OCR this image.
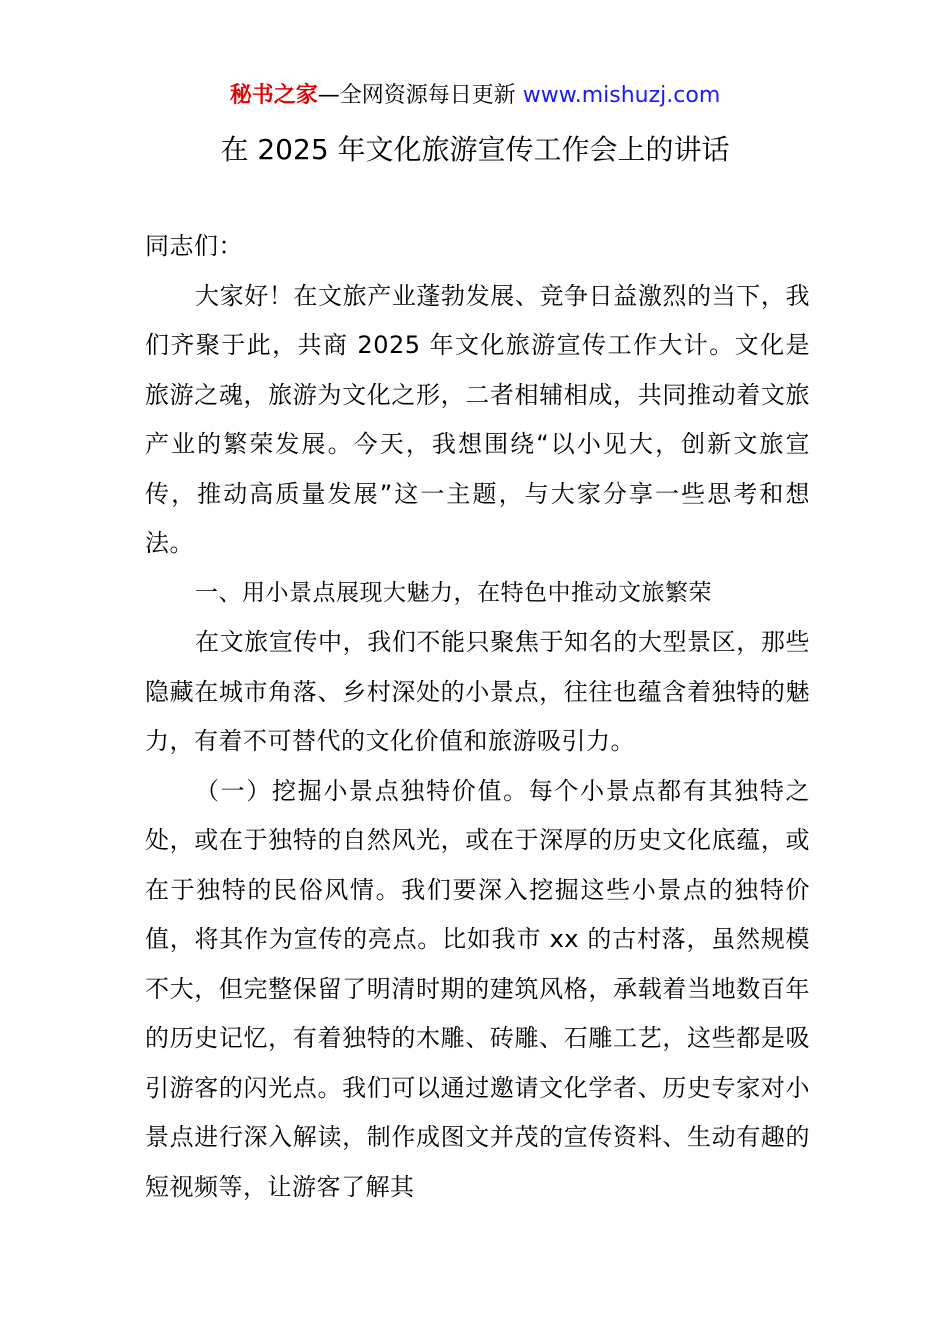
秘书之家—全网资源每日更新 www.mishuzj.com
在 2025 年文化旅游宣传工作会上的讲话

同志们：

大家好！在文旅产业蓬勃发展、竞争日益激烈的当下，我们齐聚于此，共商 2025 年文化旅游宣传工作大计。文化是旅游之魂，旅游为文化之形，二者相辅相成，共同推动着文旅产业的繁荣发展。今天，我想围绕“以小见大，创新文旅宣传，推动高质量发展”这一主题，与大家分享一些思考和想法。

一、用小景点展现大魅力，在特色中推动文旅繁荣

在文旅宣传中，我们不能只聚焦于知名的大型景区，那些隐藏在城市角落、乡村深处的小景点，往往也蕴含着独特的魅力，有着不可替代的文化价值和旅游吸引力。

（一）挖掘小景点独特价值。每个小景点都有其独特之处，或在于独特的自然风光，或在于深厚的历史文化底蕴，或在于独特的民俗风情。我们要深入挖掘这些小景点的独特价值，将其作为宣传的亮点。比如我市 xx 的古村落，虽然规模不大，但完整保留了明清时期的建筑风格，承载着当地数百年的历史记忆，有着独特的木雕、砖雕、石雕工艺，这些都是吸引游客的闪光点。我们可以通过邀请文化学者、历史专家对小景点进行深入解读，制作成图文并茂的宣传资料、生动有趣的短视频等，让游客了解其
